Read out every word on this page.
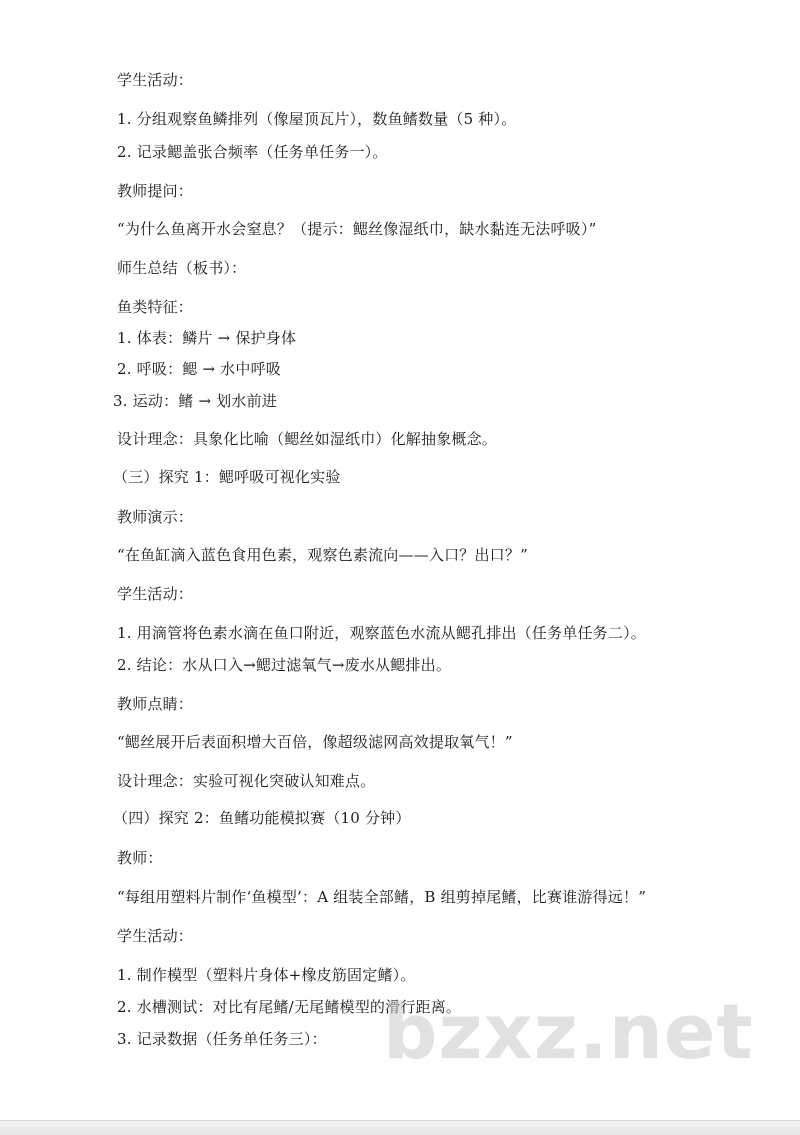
学生活动：
1. 分组观察鱼鳞排列（像屋顶瓦片），数鱼鳍数量（5 种）。
2. 记录鳃盖张合频率（任务单任务一）。
教师提问：
“为什么鱼离开水会窒息？（提示：鳃丝像湿纸巾，缺水黏连无法呼吸）”
师生总结（板书）：
鱼类特征：
1. 体表：鳞片 → 保护身体
2. 呼吸：鳃 → 水中呼吸
3. 运动：鳍 → 划水前进
设计理念：具象化比喻（鳃丝如湿纸巾）化解抽象概念。
（三）探究 1：鳃呼吸可视化实验
教师演示：
“在鱼缸滴入蓝色食用色素，观察色素流向——入口？出口？”
学生活动：
1. 用滴管将色素水滴在鱼口附近，观察蓝色水流从鳃孔排出（任务单任务二）。
2. 结论：水从口入→鳃过滤氧气→废水从鳃排出。
教师点睛：
“鳃丝展开后表面积增大百倍，像超级滤网高效提取氧气！”
设计理念：实验可视化突破认知难点。
（四）探究 2：鱼鳍功能模拟赛（10 分钟）
教师：
“每组用塑料片制作‘鱼模型’：A 组装全部鳍，B 组剪掉尾鳍，比赛谁游得远！”
学生活动：
1. 制作模型（塑料片身体+橡皮筋固定鳍）。
2. 水槽测试：对比有尾鳍/无尾鳍模型的滑行距离。
3. 记录数据（任务单任务三）： bzxz.net
